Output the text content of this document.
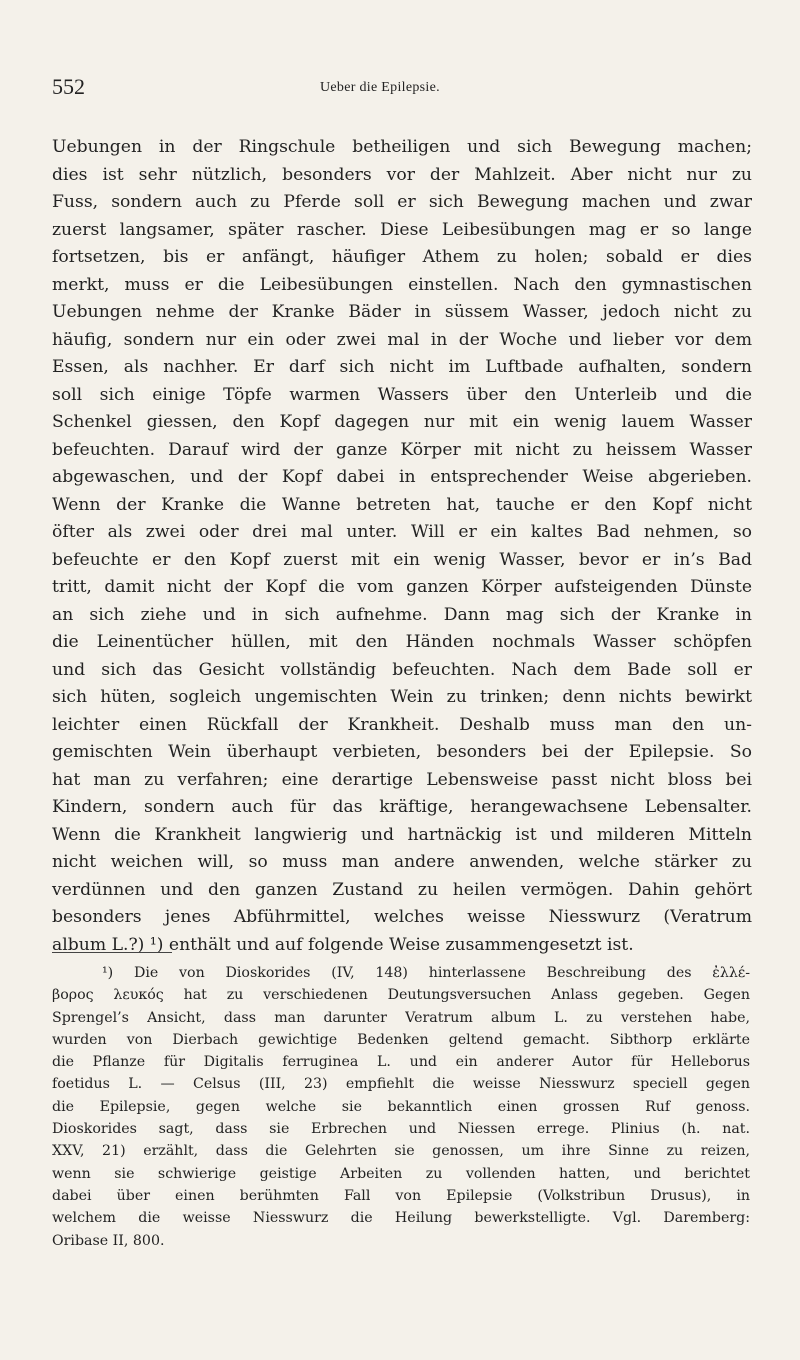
552	Ueber die Epilepsie.
Uebungen in der Ringschule betheiligen und sich Bewegung machen;
dies ist sehr nützlich, besonders vor der Mahlzeit. Aber nicht nur zu
Fuss, sondern auch zu Pferde soll er sich Bewegung machen und zwar
zuerst langsamer, später rascher. Diese Leibesübungen mag er so lange
fortsetzen, bis er anfängt, häufiger Athem zu holen; sobald er dies
merkt, muss er die Leibesübungen einstellen. Nach den gymnastischen
Uebungen nehme der Kranke Bäder in süssem Wasser, jedoch nicht zu
häufig, sondern nur ein oder zwei mal in der Woche und lieber vor dem
Essen, als nachher. Er darf sich nicht im Luftbade aufhalten, sondern
soll sich einige Töpfe warmen Wassers über den Unterleib und die
Schenkel giessen, den Kopf dagegen nur mit ein wenig lauem Wasser
befeuchten. Darauf wird der ganze Körper mit nicht zu heissem Wasser
abgewaschen, und der Kopf dabei in entsprechender Weise abgerieben.
Wenn der Kranke die Wanne betreten hat, tauche er den Kopf nicht
öfter als zwei oder drei mal unter. Will er ein kaltes Bad nehmen, so
befeuchte er den Kopf zuerst mit ein wenig Wasser, bevor er in’s Bad
tritt, damit nicht der Kopf die vom ganzen Körper aufsteigenden Dünste
an sich ziehe und in sich aufnehme. Dann mag sich der Kranke in
die Leinentücher hüllen, mit den Händen nochmals Wasser schöpfen
und sich das Gesicht vollständig befeuchten. Nach dem Bade soll er
sich hüten, sogleich ungemischten Wein zu trinken; denn nichts bewirkt
leichter einen Rückfall der Krankheit. Deshalb muss man den un-
gemischten Wein überhaupt verbieten, besonders bei der Epilepsie. So
hat man zu verfahren; eine derartige Lebensweise passt nicht bloss bei
Kindern, sondern auch für das kräftige, herangewachsene Lebensalter.
Wenn die Krankheit langwierig und hartnäckig ist und milderen Mitteln
nicht weichen will, so muss man andere anwenden, welche stärker zu
verdünnen und den ganzen Zustand zu heilen vermögen. Dahin gehört
besonders jenes Abführmittel, welches weisse Niesswurz (Veratrum
album L.?) ¹) enthält und auf folgende Weise zusammengesetzt ist.
¹) Die von Dioskorides (IV, 148) hinterlassene Beschreibung des ἐλλέ-
βορος λευκός hat zu verschiedenen Deutungsversuchen Anlass gegeben. Gegen
Sprengel’s Ansicht, dass man darunter Veratrum album L. zu verstehen habe,
wurden von Dierbach gewichtige Bedenken geltend gemacht. Sibthorp erklärte
die Pflanze für Digitalis ferruginea L. und ein anderer Autor für Helleborus
foetidus L. — Celsus (III, 23) empfiehlt die weisse Niesswurz speciell gegen
die Epilepsie, gegen welche sie bekanntlich einen grossen Ruf genoss.
Dioskorides sagt, dass sie Erbrechen und Niessen errege. Plinius (h. nat.
XXV, 21) erzählt, dass die Gelehrten sie genossen, um ihre Sinne zu reizen,
wenn sie schwierige geistige Arbeiten zu vollenden hatten, und berichtet
dabei über einen berühmten Fall von Epilepsie (Volkstribun Drusus), in
welchem die weisse Niesswurz die Heilung bewerkstelligte. Vgl. Daremberg:
Oribase II, 800.
